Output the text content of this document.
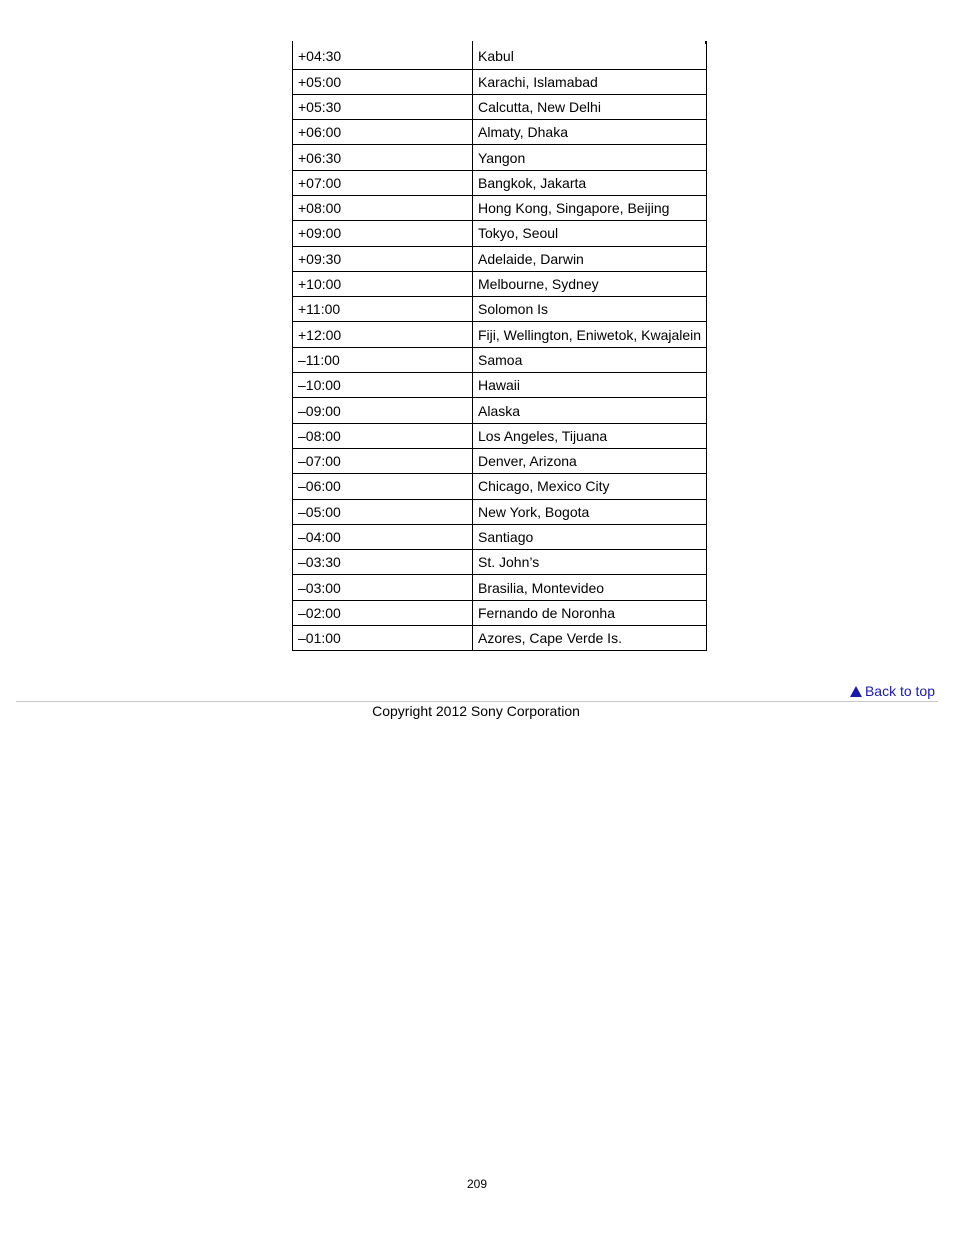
+04:30	Kabul
+05:00	Karachi, Islamabad
+05:30	Calcutta, New Delhi
+06:00	Almaty, Dhaka
+06:30	Yangon
+07:00	Bangkok, Jakarta
+08:00	Hong Kong, Singapore, Beijing
+09:00	Tokyo, Seoul
+09:30	Adelaide, Darwin
+10:00	Melbourne, Sydney
+11:00	Solomon Is
+12:00	Fiji, Wellington, Eniwetok, Kwajalein
–11:00	Samoa
–10:00	Hawaii
–09:00	Alaska
–08:00	Los Angeles, Tijuana
–07:00	Denver, Arizona
–06:00	Chicago, Mexico City
–05:00	New York, Bogota
–04:00	Santiago
–03:30	St. John’s
–03:00	Brasilia, Montevideo
–02:00	Fernando de Noronha
–01:00	Azores, Cape Verde Is.
Back to top
Copyright 2012 Sony Corporation
209
